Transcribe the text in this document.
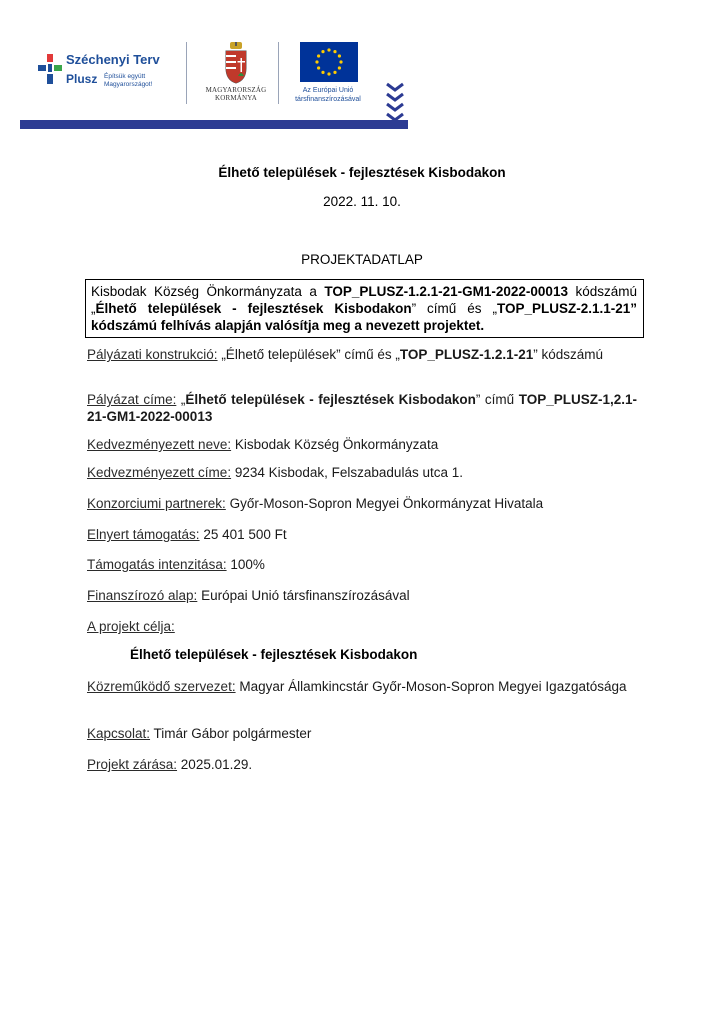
Széchenyi Terv
Plusz Építsük együtt Magyarországot!
MAGYARORSZÁG
KORMÁNYA
Az Európai Unió
társfinanszírozásával
Élhető települések - fejlesztések Kisbodakon
2022. 11. 10.
PROJEKTADATLAP
Kisbodak Község Önkormányzata a TOP_PLUSZ-1.2.1-21-GM1-2022-00013 kódszámú „Élhető települések - fejlesztések Kisbodakon” című és „TOP_PLUSZ-2.1.1-21” kódszámú felhívás alapján valósítja meg a nevezett projektet.
Pályázati konstrukció: „Élhető települések” című és „TOP_PLUSZ-1.2.1-21” kódszámú
Pályázat címe: „Élhető települések - fejlesztések Kisbodakon” című TOP_PLUSZ-1,2.1-21-GM1-2022-00013
Kedvezményezett neve: Kisbodak Község Önkormányzata
Kedvezményezett címe: 9234 Kisbodak, Felszabadulás utca 1.
Konzorciumi partnerek: Győr-Moson-Sopron Megyei Önkormányzat Hivatala
Elnyert támogatás: 25 401 500 Ft
Támogatás intenzitása: 100%
Finanszírozó alap: Európai Unió társfinanszírozásával
A projekt célja:
Élhető települések - fejlesztések Kisbodakon
Közreműködő szervezet: Magyar Államkincstár Győr-Moson-Sopron Megyei Igazgatósága
Kapcsolat: Timár Gábor polgármester
Projekt zárása: 2025.01.29.
